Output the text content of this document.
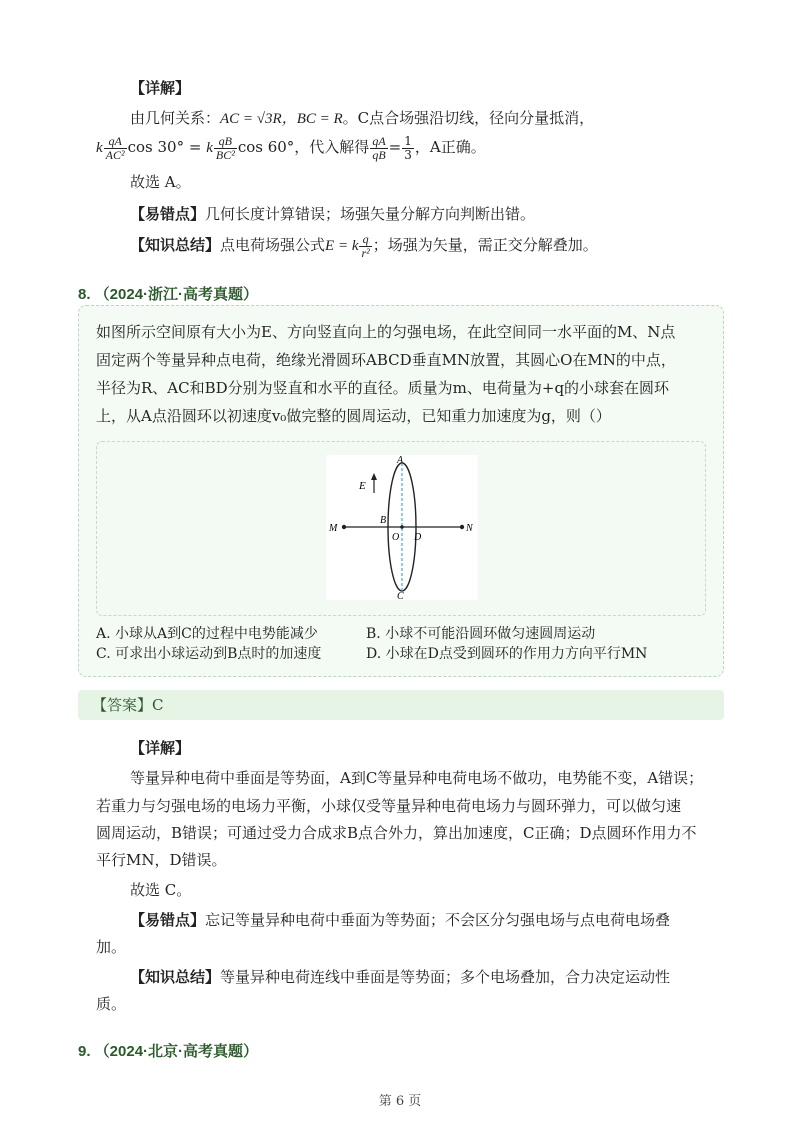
【详解】
由几何关系：AC = √3R，BC = R。C点合场强沿切线，径向分量抵消，
k $\frac{qA}{\text{AC²}}$ cos 30° = k $\frac{qB}{\text{BC²}}$ cos 60°，代入解得 $\frac{qA}{qB} = \frac{1}{3}$ ，A正确。
故选 A。
【易错点】几何长度计算错误；场强矢量分解方向判断出错。
【知识总结】点电荷场强公式E = k $\frac{q}{\text{r²}}$ ；场强为矢量，需正交分解叠加。
8. （2024·浙江·高考真题）
如图所示空间原有大小为E、方向竖直向上的匀强电场，在此空间同一水平面的M、N点
固定两个等量异种点电荷，绝缘光滑圆环ABCD垂直MN放置，其圆心O在MN的中点，
半径为R、AC和BD分别为竖直和水平的直径。质量为m、电荷量为+q的小球套在圆环
上，从A点沿圆环以初速度v₀做完整的圆周运动，已知重力加速度为g，则（）
E
A
C
B
D
O
M	N
A. 小球从A到C的过程中电势能减少	B. 小球不可能沿圆环做匀速圆周运动
C. 可求出小球运动到B点时的加速度	D. 小球在D点受到圆环的作用力方向平行MN
【答案】C
【详解】
等量异种电荷中垂面是等势面，A到C等量异种电荷电场不做功，电势能不变，A错误；
若重力与匀强电场的电场力平衡，小球仅受等量异种电荷电场力与圆环弹力，可以做匀速
圆周运动，B错误；可通过受力合成求B点合外力，算出加速度，C正确；D点圆环作用力不
平行MN，D错误。
故选 C。
【易错点】忘记等量异种电荷中垂面为等势面；不会区分匀强电场与点电荷电场叠
加。
【知识总结】等量异种电荷连线中垂面是等势面；多个电场叠加，合力决定运动性
质。
9. （2024·北京·高考真题）
第 6 页
